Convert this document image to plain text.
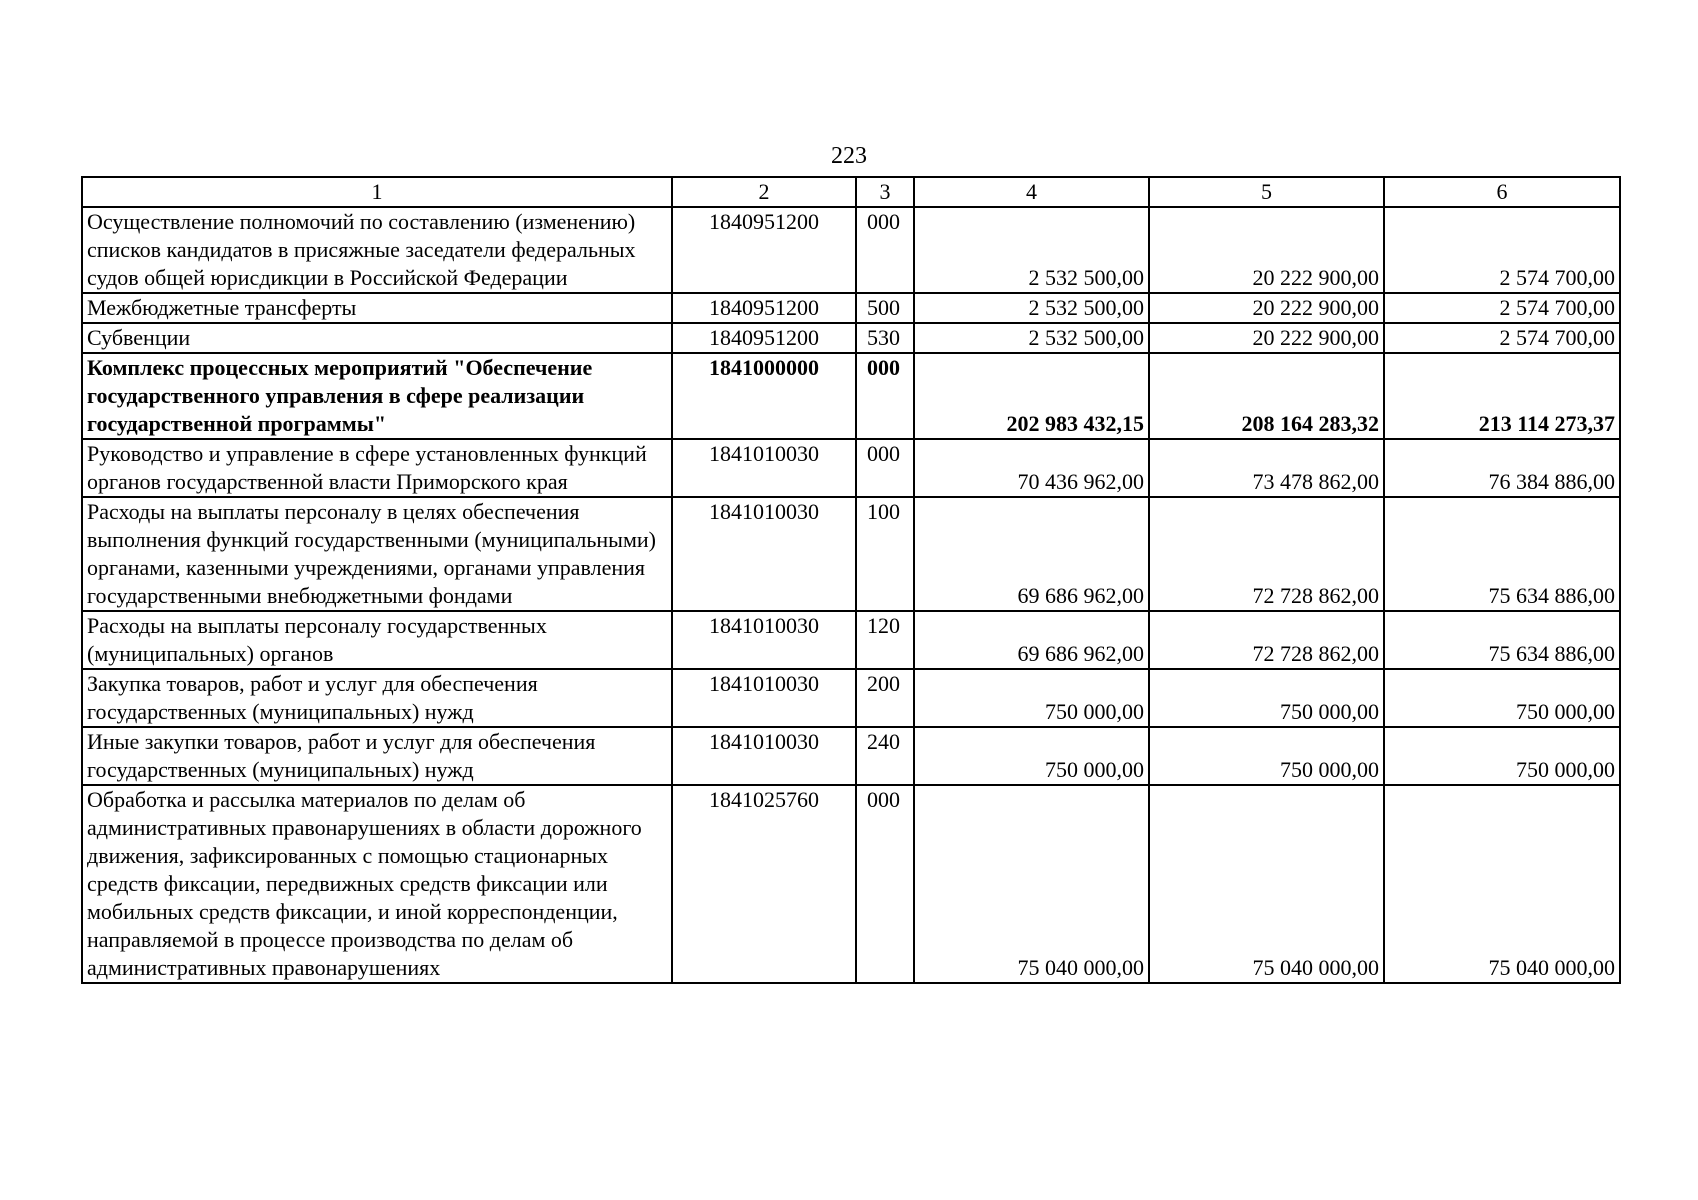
223
1	2	3	4	5	6
Осуществление полномочий по составлению (изменению) списков кандидатов в присяжные заседатели федеральных судов общей юрисдикции в Российской Федерации	1840951200	000	2 532 500,00	20 222 900,00	2 574 700,00
Межбюджетные трансферты	1840951200	500	2 532 500,00	20 222 900,00	2 574 700,00
Субвенции	1840951200	530	2 532 500,00	20 222 900,00	2 574 700,00
Комплекс процессных мероприятий "Обеспечение государственного управления в сфере реализации государственной программы"	1841000000	000	202 983 432,15	208 164 283,32	213 114 273,37
Руководство и управление в сфере установленных функций органов государственной власти Приморского края	1841010030	000	70 436 962,00	73 478 862,00	76 384 886,00
Расходы на выплаты персоналу в целях обеспечения выполнения функций государственными (муниципальными) органами, казенными учреждениями, органами управления государственными внебюджетными фондами	1841010030	100	69 686 962,00	72 728 862,00	75 634 886,00
Расходы на выплаты персоналу государственных (муниципальных) органов	1841010030	120	69 686 962,00	72 728 862,00	75 634 886,00
Закупка товаров, работ и услуг для обеспечения государственных (муниципальных) нужд	1841010030	200	750 000,00	750 000,00	750 000,00
Иные закупки товаров, работ и услуг для обеспечения государственных (муниципальных) нужд	1841010030	240	750 000,00	750 000,00	750 000,00
Обработка и рассылка материалов по делам об административных правонарушениях в области дорожного движения, зафиксированных с помощью стационарных средств фиксации, передвижных средств фиксации или мобильных средств фиксации, и иной корреспонденции, направляемой в процессе производства по делам об административных правонарушениях	1841025760	000	75 040 000,00	75 040 000,00	75 040 000,00
